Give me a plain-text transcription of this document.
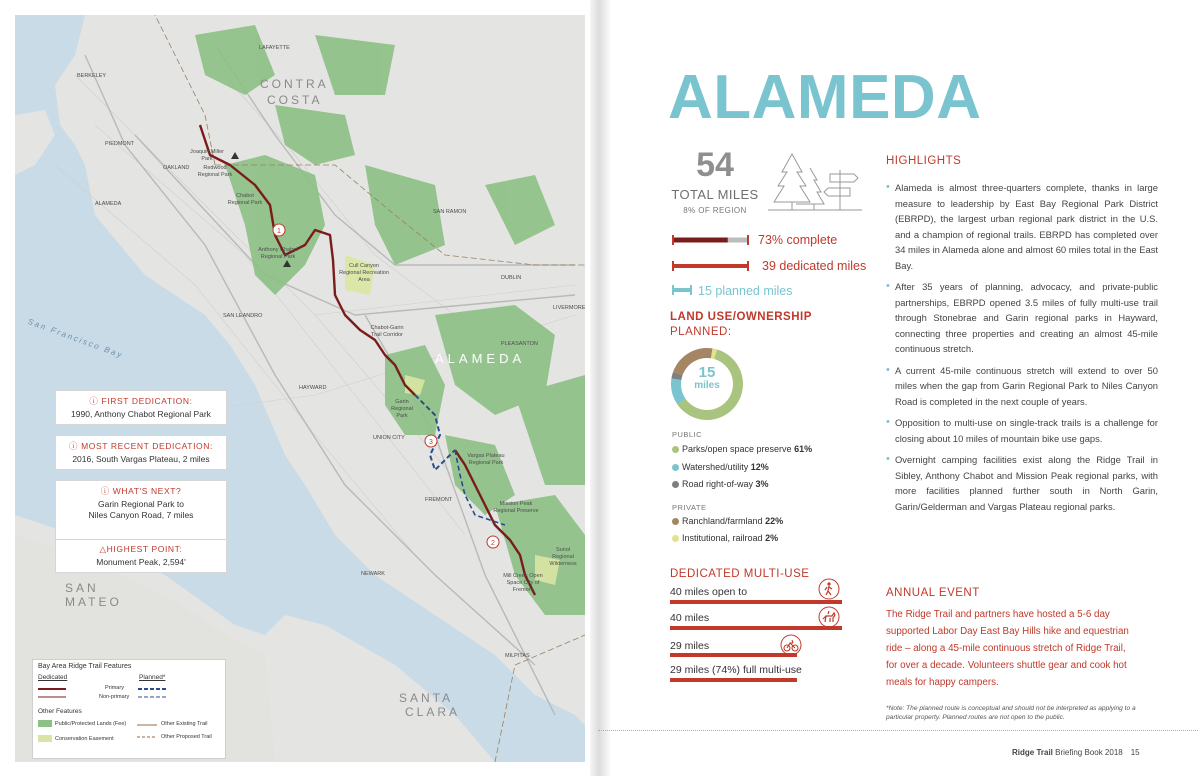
1
2
3
CONTRA
COSTA
ALAMEDA
SAN
MATEO
SANTA
CLARA
San Francisco Bay
BERKELEY
PIEDMONT
OAKLAND
ALAMEDA
SAN LEANDRO
HAYWARD
UNION CITY
FREMONT
NEWARK
DUBLIN
PLEASANTON
LIVERMORE
SAN RAMON
LAFAYETTE
MILPITAS
Joaquin Miller Park
Redwood Regional Park
Chabot Regional Park
Anthony Chabot Regional Park
Cull Canyon Regional Recreation Area
Chabot-Garin Trail Corridor
Garin Regional Park
Vargas Plateau Regional Park
Mission Peak Regional Preserve
Sunol Regional Wilderness
Mill Creek Open Space City of Fremont
ⓘ FIRST DEDICATION:
1990, Anthony Chabot Regional Park
ⓘ MOST RECENT DEDICATION:
2016, South Vargas Plateau, 2 miles
ⓘ WHAT'S NEXT?
Garin Regional Park to
Niles Canyon Road, 7 miles
△HIGHEST POINT:
Monument Peak, 2,594'
Bay Area Ridge Trail Features
Dedicated	Planned*
Primary
Non-primary
Other Features
Public/Protected Lands (Fee)
Conservation Easement
Other Existing Trail
Other Proposed Trail
ALAMEDA
54
TOTAL MILES
8% OF REGION
73% complete
39 dedicated miles
15 planned miles
LAND USE/OWNERSHIP
PLANNED:
15
miles
PUBLIC
Parks/open space preserve 61%
Watershed/utility 12%
Road right-of-way 3%
PRIVATE
Ranchland/farmland 22%
Institutional, railroad 2%
DEDICATED MULTI-USE
40 miles open to
40 miles
29 miles
29 miles (74%) full multi-use
HIGHLIGHTS
• Alameda is almost three-quarters complete, thanks in large measure to leadership by East Bay Regional Park District (EBRPD), the largest urban regional park district in the U.S. and a champion of regional trails. EBRPD has completed over 34 miles in Alameda alone and almost 60 miles total in the East Bay.
• After 35 years of planning, advocacy, and private-public partnerships, EBRPD opened 3.5 miles of fully multi-use trail through Stonebrae and Garin regional parks in Hayward, connecting three properties and creating an almost 45-mile continuous stretch.
• A current 45-mile continuous stretch will extend to over 50 miles when the gap from Garin Regional Park to Niles Canyon Road is completed in the next couple of years.
• Opposition to multi-use on single-track trails is a challenge for closing about 10 miles of mountain bike use gaps.
• Overnight camping facilities exist along the Ridge Trail in Sibley, Anthony Chabot and Mission Peak regional parks, with more facilities planned further south in North Garin, Garin/Gelderman and Vargas Plateau regional parks.
ANNUAL EVENT
The Ridge Trail and partners have hosted a 5-6 day supported Labor Day East Bay Hills hike and equestrian ride – along a 45-mile continuous stretch of Ridge Trail, for over a decade. Volunteers shuttle gear and cook hot meals for happy campers.
*Note: The planned route is conceptual and should not be interpreted as applying to a particular property. Planned routes are not open to the public.
Ridge Trail Briefing Book 2018 15
